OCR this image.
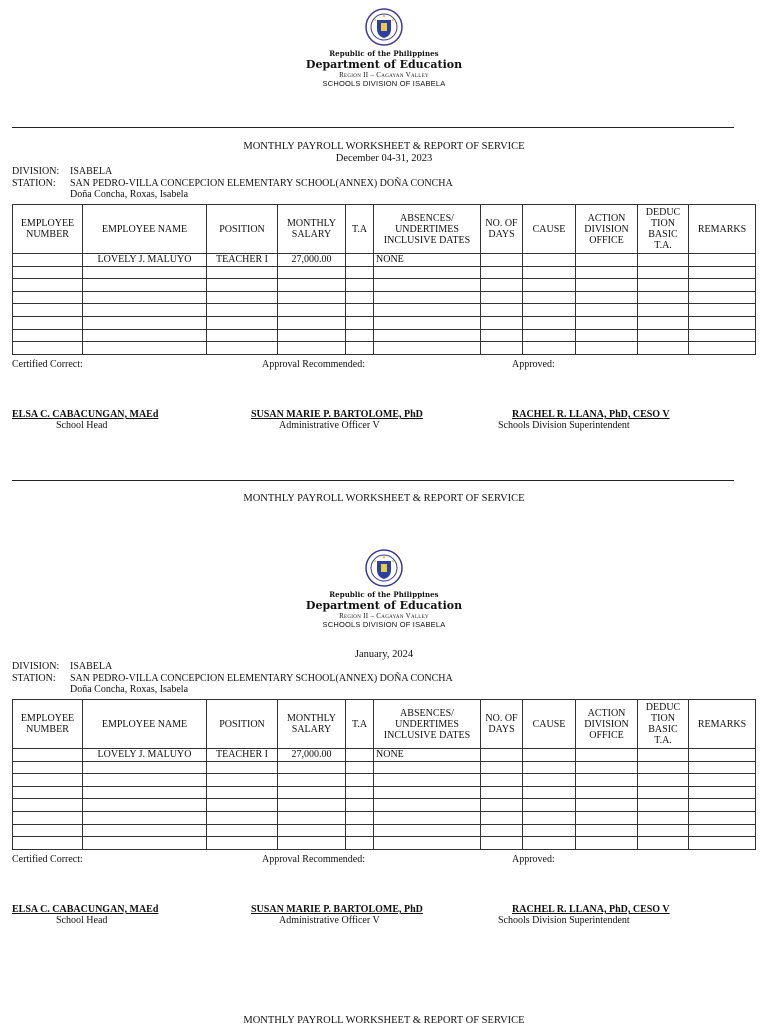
Republic of the Philippines
Department of Education
Region II – Cagayan Valley
SCHOOLS DIVISION OF ISABELA
MONTHLY PAYROLL WORKSHEET & REPORT OF SERVICE
December 04-31, 2023
DIVISION: ISABELA
STATION: SAN PEDRO-VILLA CONCEPCION ELEMENTARY SCHOOL(ANNEX) DOÑA CONCHA
Doña Concha, Roxas, Isabela
EMPLOYEE NUMBER	EMPLOYEE NAME	POSITION	MONTHLY SALARY	T.A	ABSENCES/ UNDERTIMES INCLUSIVE DATES	NO. OF DAYS	CAUSE	ACTION DIVISION OFFICE	DEDUC TION BASIC T.A.	REMARKS
	LOVELY J. MALUYO	TEACHER I	27,000.00		NONE					

Certified Correct:	Approval Recommended:	Approved:
ELSA C. CABACUNGAN, MAEd
School Head
SUSAN MARIE P. BARTOLOME, PhD
Administrative Officer V
RACHEL R. LLANA, PhD, CESO V
Schools Division Superintendent
MONTHLY PAYROLL WORKSHEET & REPORT OF SERVICE
Republic of the Philippines
Department of Education
Region II – Cagayan Valley
SCHOOLS DIVISION OF ISABELA
January, 2024
DIVISION: ISABELA
STATION: SAN PEDRO-VILLA CONCEPCION ELEMENTARY SCHOOL(ANNEX) DOÑA CONCHA
Doña Concha, Roxas, Isabela
EMPLOYEE NUMBER	EMPLOYEE NAME	POSITION	MONTHLY SALARY	T.A	ABSENCES/ UNDERTIMES INCLUSIVE DATES	NO. OF DAYS	CAUSE	ACTION DIVISION OFFICE	DEDUC TION BASIC T.A.	REMARKS
	LOVELY J. MALUYO	TEACHER I	27,000.00		NONE					

Certified Correct:	Approval Recommended:	Approved:
ELSA C. CABACUNGAN, MAEd
School Head
SUSAN MARIE P. BARTOLOME, PhD
Administrative Officer V
RACHEL R. LLANA, PhD, CESO V
Schools Division Superintendent
MONTHLY PAYROLL WORKSHEET & REPORT OF SERVICE
